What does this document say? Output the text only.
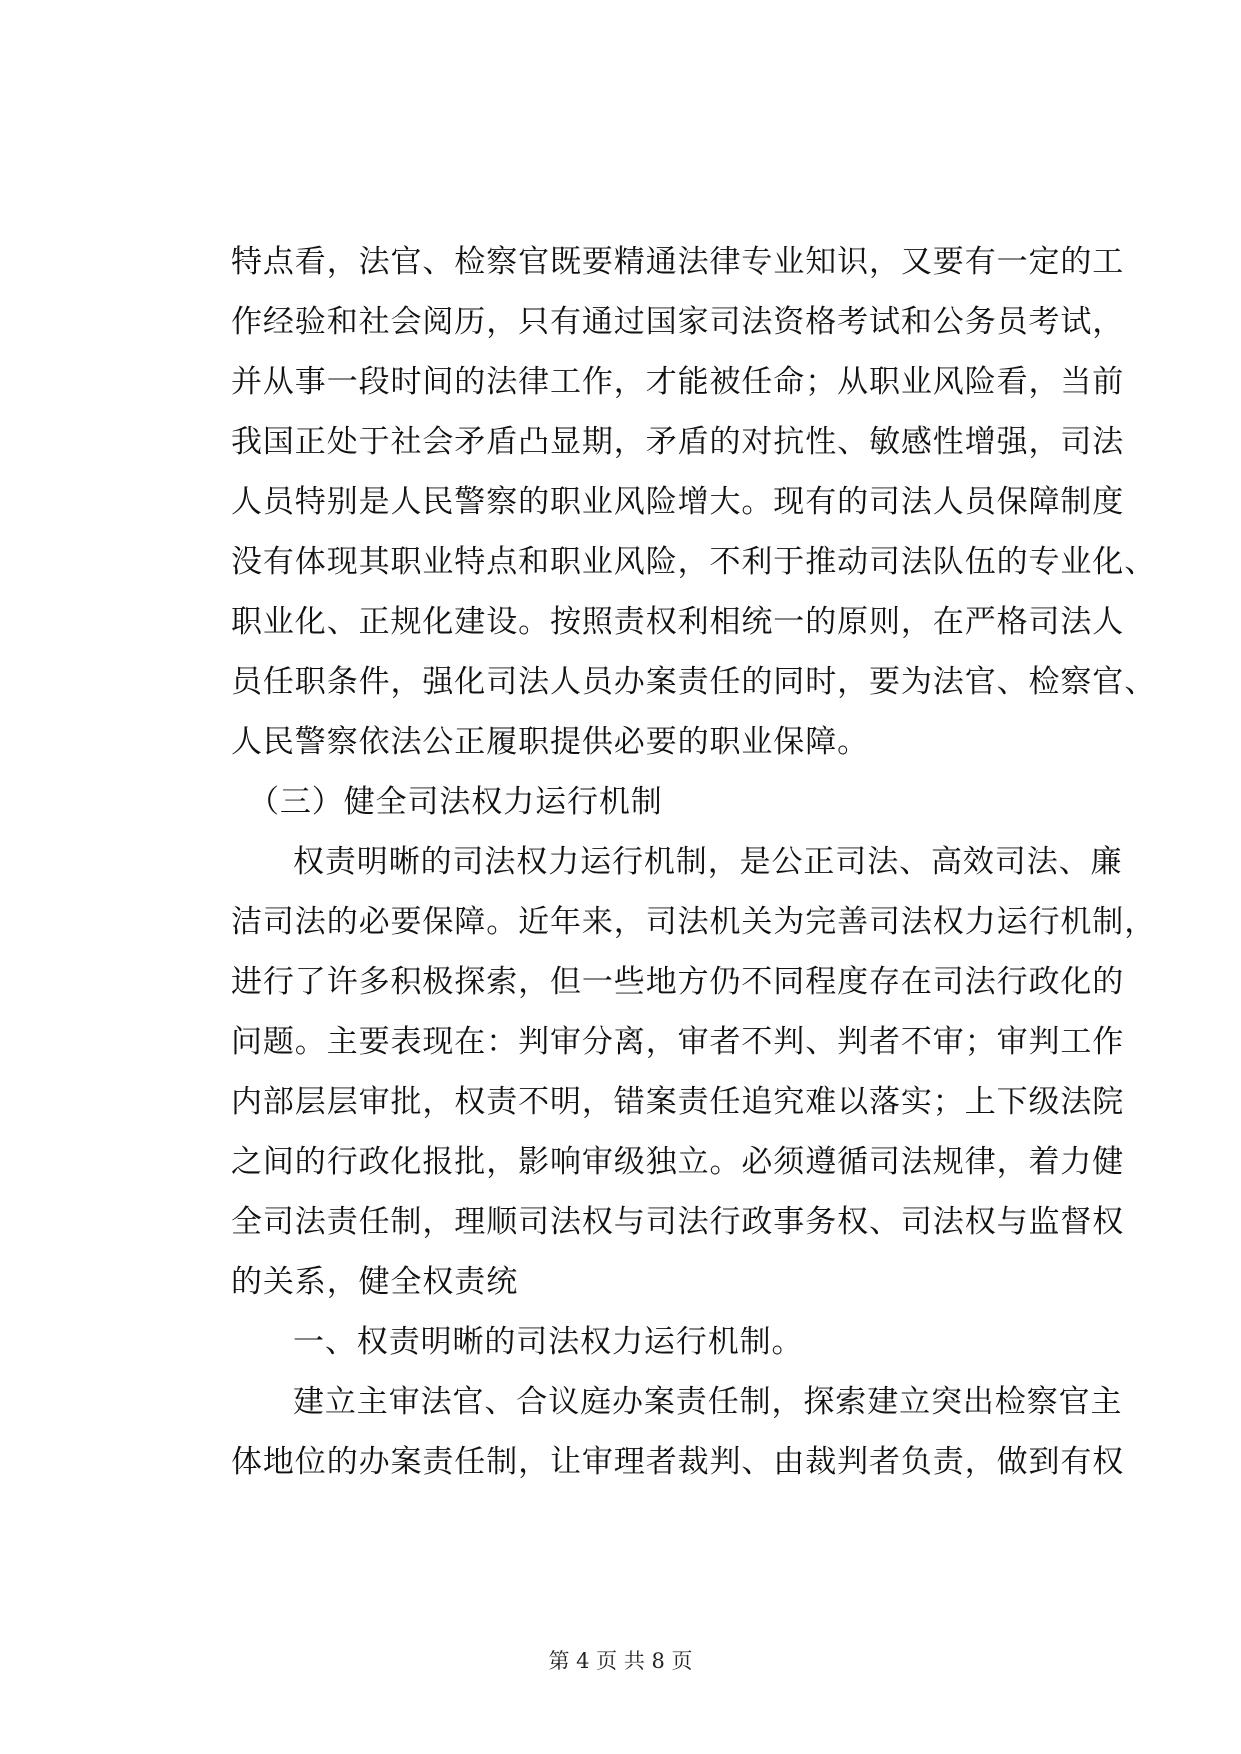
特点看，法官、检察官既要精通法律专业知识，又要有一定的工
作经验和社会阅历，只有通过国家司法资格考试和公务员考试，
并从事一段时间的法律工作，才能被任命；从职业风险看，当前
我国正处于社会矛盾凸显期，矛盾的对抗性、敏感性增强，司法
人员特别是人民警察的职业风险增大。现有的司法人员保障制度
没有体现其职业特点和职业风险，不利于推动司法队伍的专业化、
职业化、正规化建设。按照责权利相统一的原则，在严格司法人
员任职条件，强化司法人员办案责任的同时，要为法官、检察官、
人民警察依法公正履职提供必要的职业保障。
（三）健全司法权力运行机制
权责明晰的司法权力运行机制，是公正司法、高效司法、廉
洁司法的必要保障。近年来，司法机关为完善司法权力运行机制，
进行了许多积极探索，但一些地方仍不同程度存在司法行政化的
问题。主要表现在：判审分离，审者不判、判者不审；审判工作
内部层层审批，权责不明，错案责任追究难以落实；上下级法院
之间的行政化报批，影响审级独立。必须遵循司法规律，着力健
全司法责任制，理顺司法权与司法行政事务权、司法权与监督权
的关系，健全权责统
一、权责明晰的司法权力运行机制。
建立主审法官、合议庭办案责任制，探索建立突出检察官主
体地位的办案责任制，让审理者裁判、由裁判者负责，做到有权
第 4 页 共 8 页
